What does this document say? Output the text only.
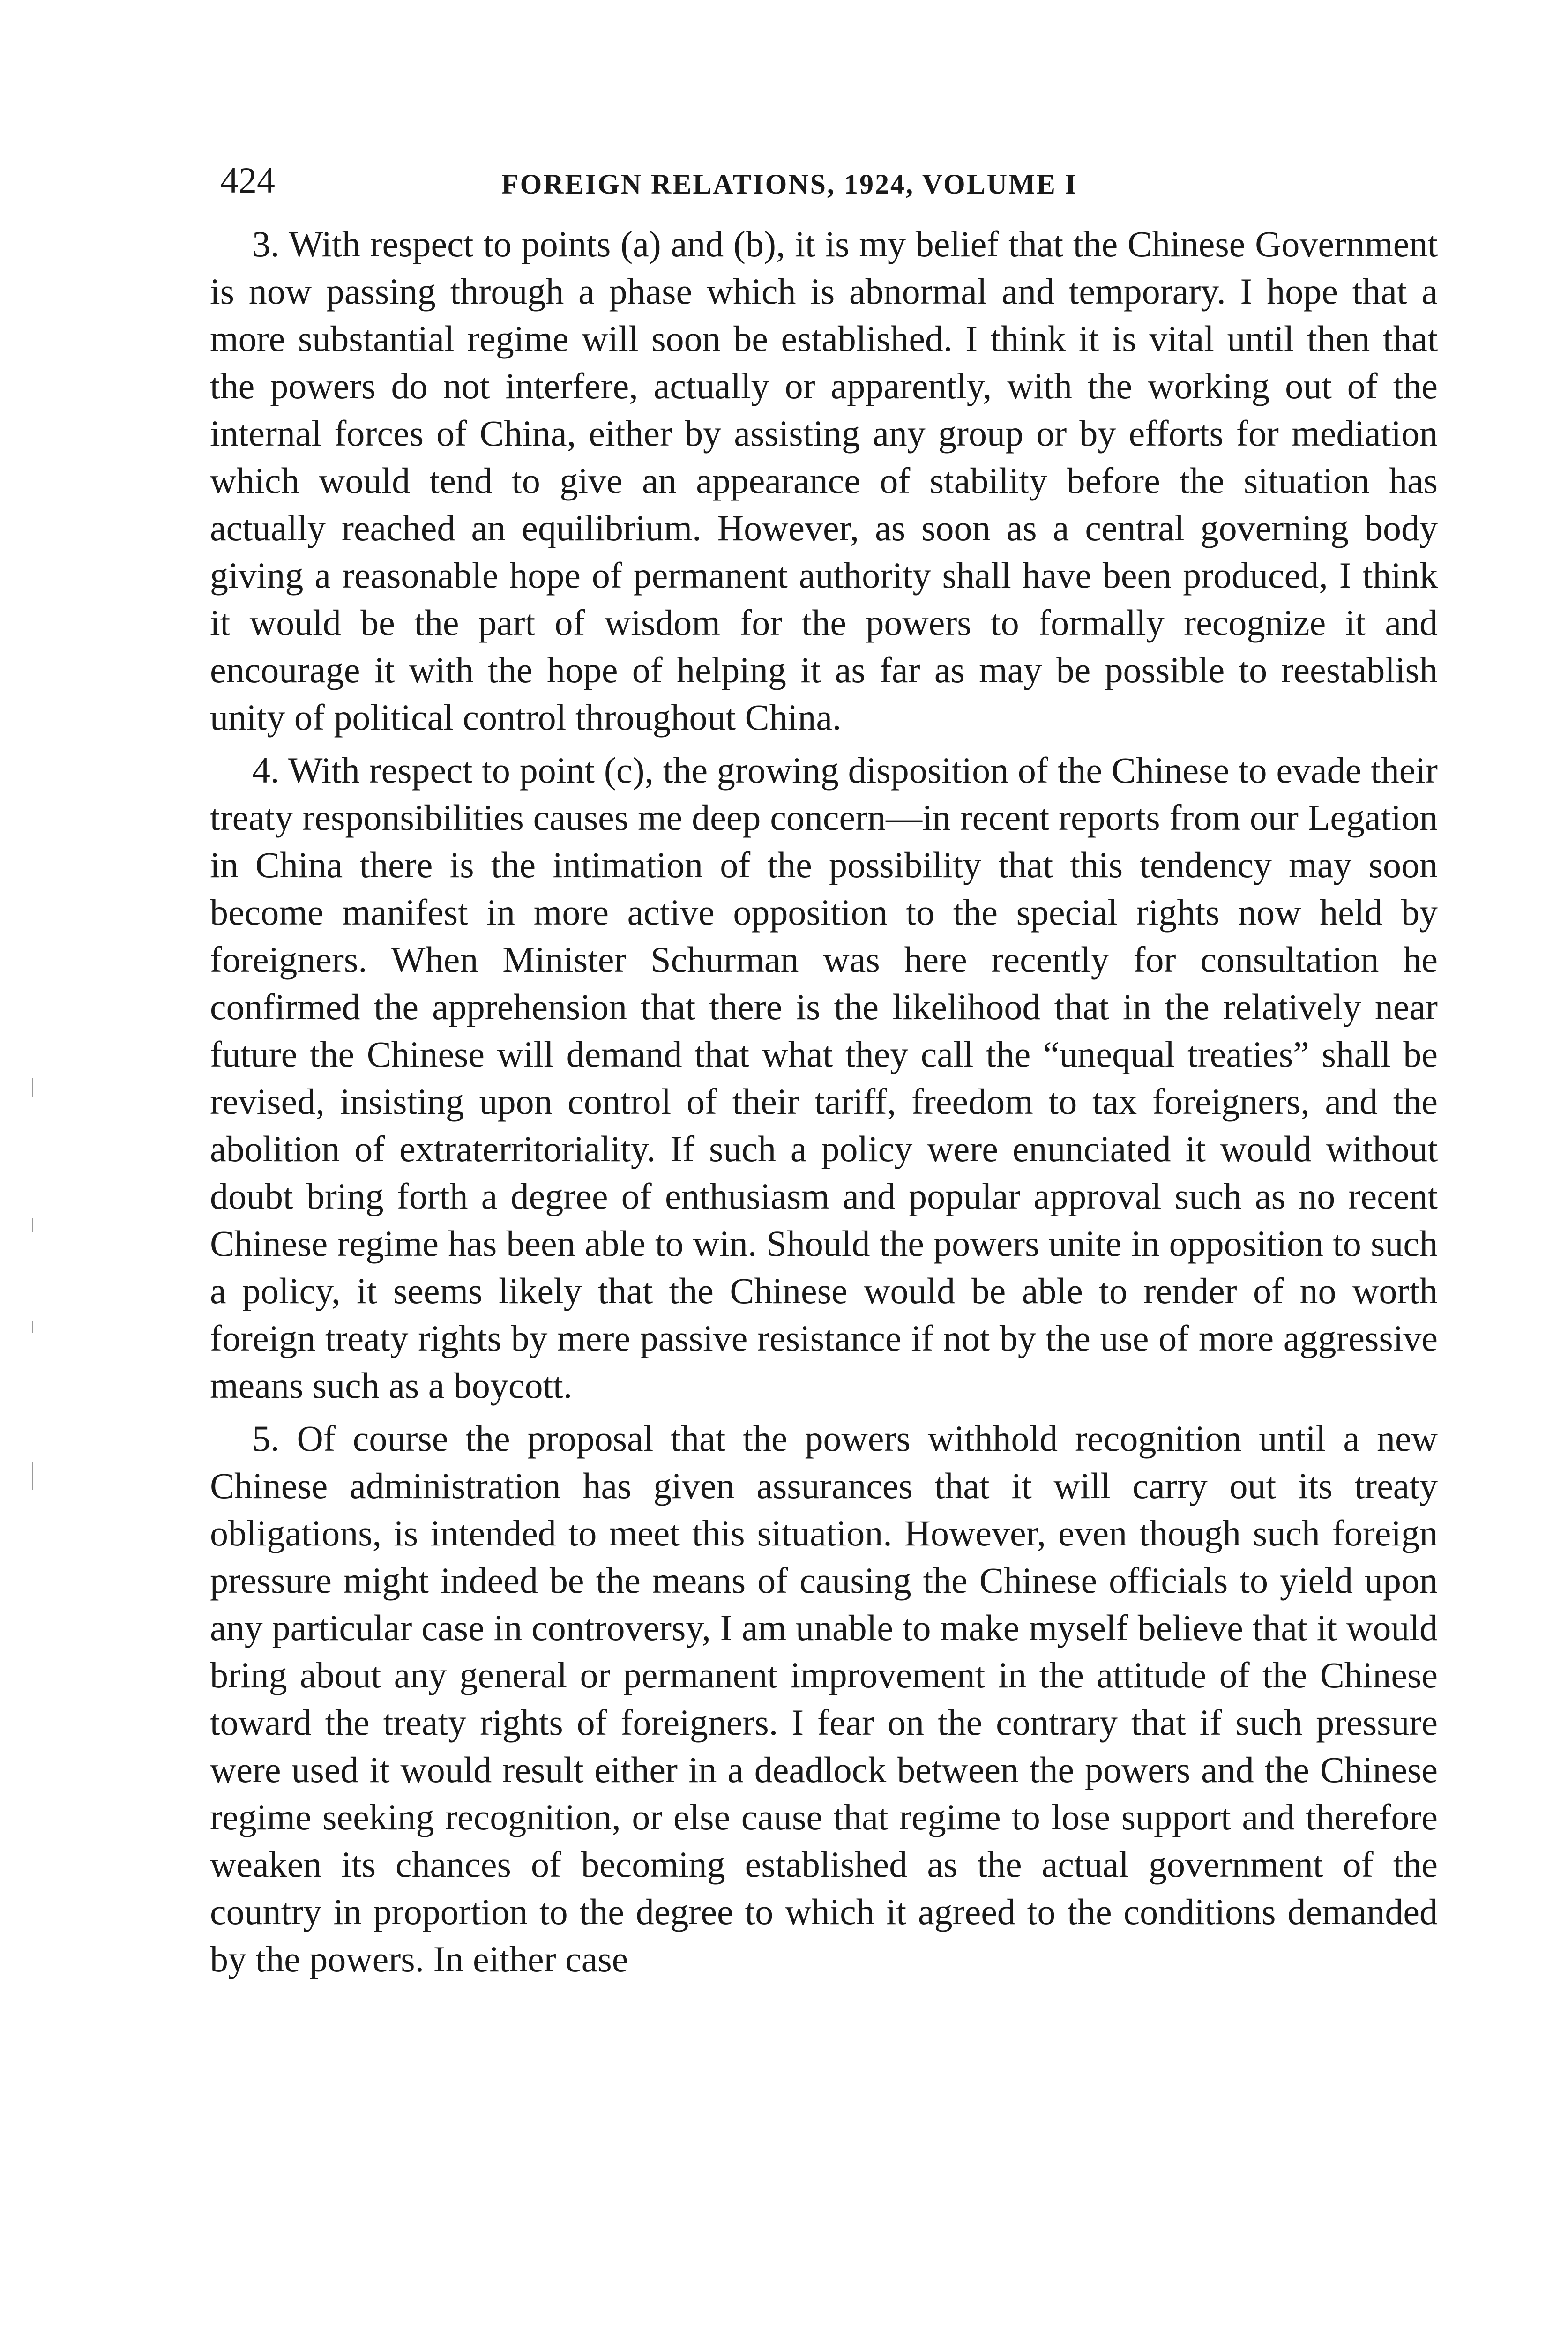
424	FOREIGN RELATIONS, 1924, VOLUME I

3. With respect to points (a) and (b), it is my belief that the Chinese Government is now passing through a phase which is abnormal and temporary. I hope that a more substantial regime will soon be established. I think it is vital until then that the powers do not interfere, actually or apparently, with the working out of the internal forces of China, either by assisting any group or by efforts for mediation which would tend to give an appearance of stability before the situation has actually reached an equilibrium. However, as soon as a central governing body giving a reasonable hope of permanent authority shall have been produced, I think it would be the part of wisdom for the powers to formally recognize it and encourage it with the hope of helping it as far as may be possible to reestablish unity of political control throughout China.

4. With respect to point (c), the growing disposition of the Chinese to evade their treaty responsibilities causes me deep concern—in recent reports from our Legation in China there is the intimation of the possibility that this tendency may soon become manifest in more active opposition to the special rights now held by foreigners. When Minister Schurman was here recently for consultation he confirmed the apprehension that there is the likelihood that in the relatively near future the Chinese will demand that what they call the “unequal treaties” shall be revised, insisting upon control of their tariff, freedom to tax foreigners, and the abolition of extraterritoriality. If such a policy were enunciated it would without doubt bring forth a degree of enthusiasm and popular approval such as no recent Chinese regime has been able to win. Should the powers unite in opposition to such a policy, it seems likely that the Chinese would be able to render of no worth foreign treaty rights by mere passive resistance if not by the use of more aggressive means such as a boycott.

5. Of course the proposal that the powers withhold recognition until a new Chinese administration has given assurances that it will carry out its treaty obligations, is intended to meet this situation. However, even though such foreign pressure might indeed be the means of causing the Chinese officials to yield upon any particular case in controversy, I am unable to make myself believe that it would bring about any general or permanent improvement in the attitude of the Chinese toward the treaty rights of foreigners. I fear on the contrary that if such pressure were used it would result either in a deadlock between the powers and the Chinese regime seeking recognition, or else cause that regime to lose support and therefore weaken its chances of becoming established as the actual government of the country in proportion to the degree to which it agreed to the conditions demanded by the powers. In either case
